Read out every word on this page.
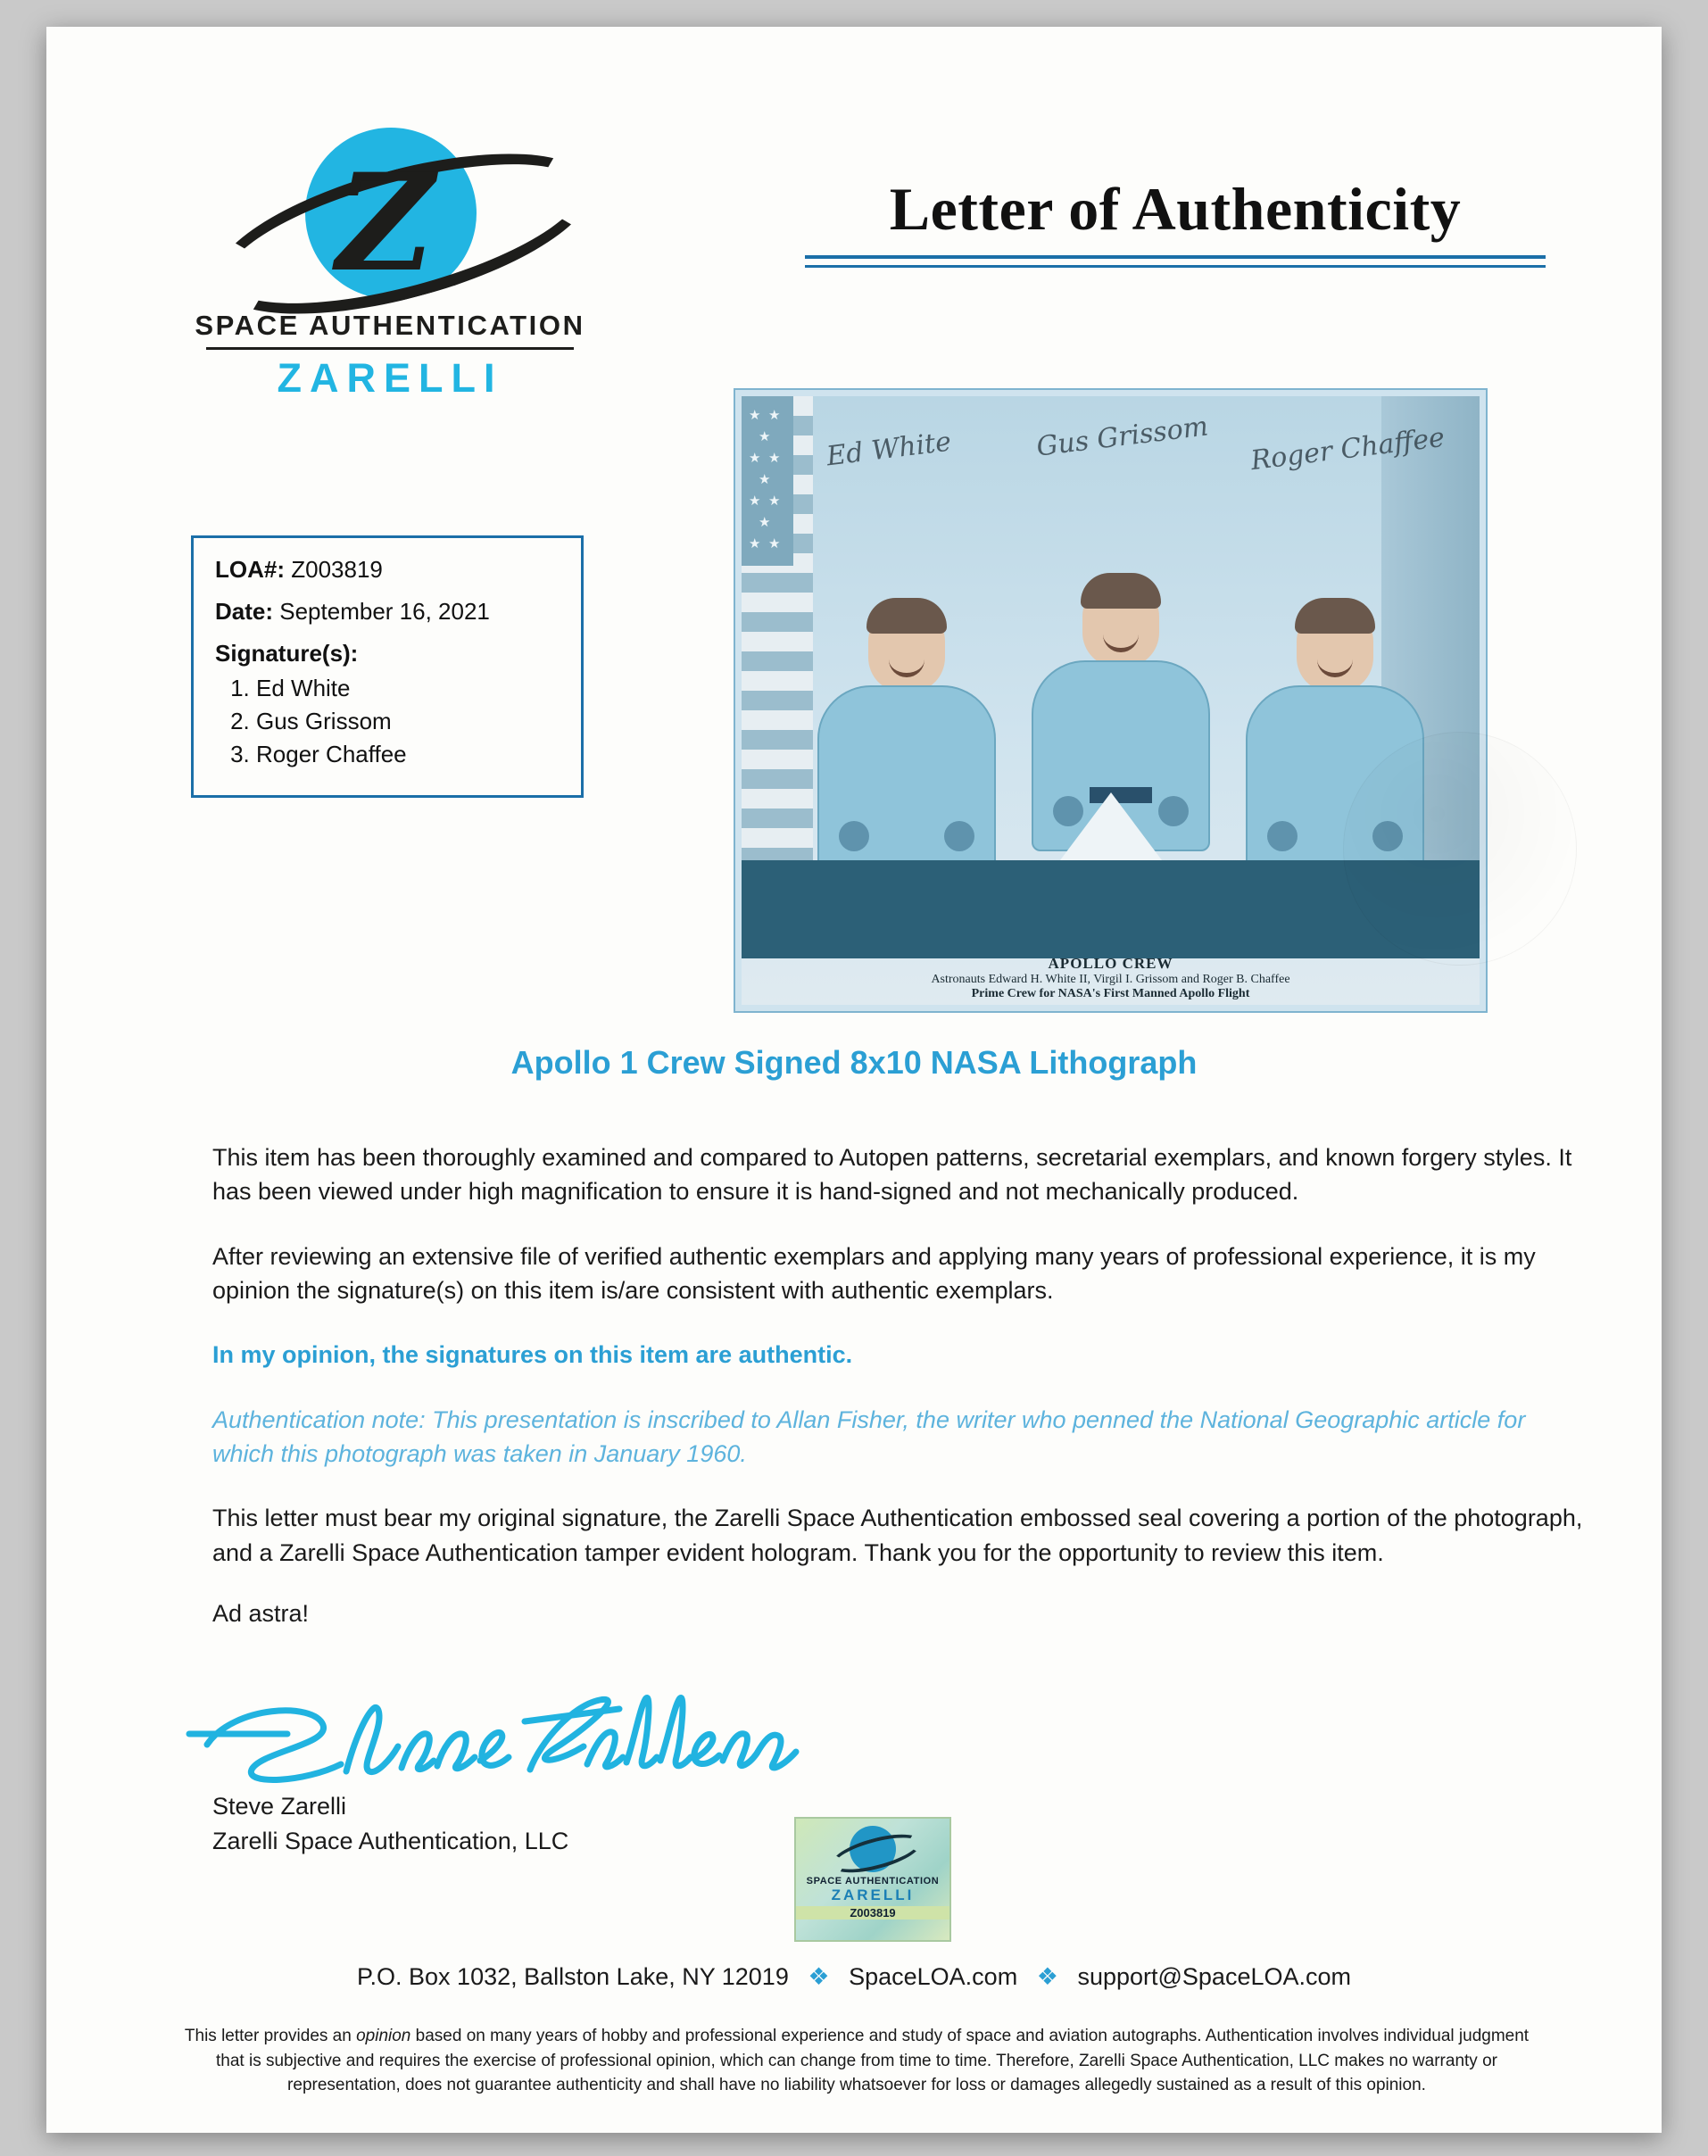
Z
SPACE AUTHENTICATION
ZARELLI
Letter of Authenticity
LOA#: Z003819
Date: September 16, 2021
Signature(s):
1. Ed White
2. Gus Grissom
3. Roger Chaffee
★ ★
★
★ ★
★
★ ★
★
★ ★
Ed White	Gus Grissom Roger Chaffee
APOLLO CREW
Astronauts Edward H. White II, Virgil I. Grissom and Roger B. Chaffee
Prime Crew for NASA's First Manned Apollo Flight
Apollo 1 Crew Signed 8x10 NASA Lithograph
This item has been thoroughly examined and compared to Autopen patterns, secretarial exemplars, and known forgery styles. It has been viewed under high magnification to ensure it is hand-signed and not mechanically produced.
After reviewing an extensive file of verified authentic exemplars and applying many years of professional experience, it is my opinion the signature(s) on this item is/are consistent with authentic exemplars.
In my opinion, the signatures on this item are authentic.
Authentication note: This presentation is inscribed to Allan Fisher, the writer who penned the National Geographic article for which this photograph was taken in January 1960.
This letter must bear my original signature, the Zarelli Space Authentication embossed seal covering a portion of the photograph, and a Zarelli Space Authentication tamper evident hologram. Thank you for the opportunity to review this item.
Ad astra!
Steve Zarelli
Zarelli Space Authentication, LLC
SPACE AUTHENTICATION
ZARELLI
Z003819
P.O. Box 1032, Ballston Lake, NY 12019 ❖ SpaceLOA.com ❖ support@SpaceLOA.com
This letter provides an opinion based on many years of hobby and professional experience and study of space and aviation autographs. Authentication involves individual judgment that is subjective and requires the exercise of professional opinion, which can change from time to time. Therefore, Zarelli Space Authentication, LLC makes no warranty or representation, does not guarantee authenticity and shall have no liability whatsoever for loss or damages allegedly sustained as a result of this opinion.
